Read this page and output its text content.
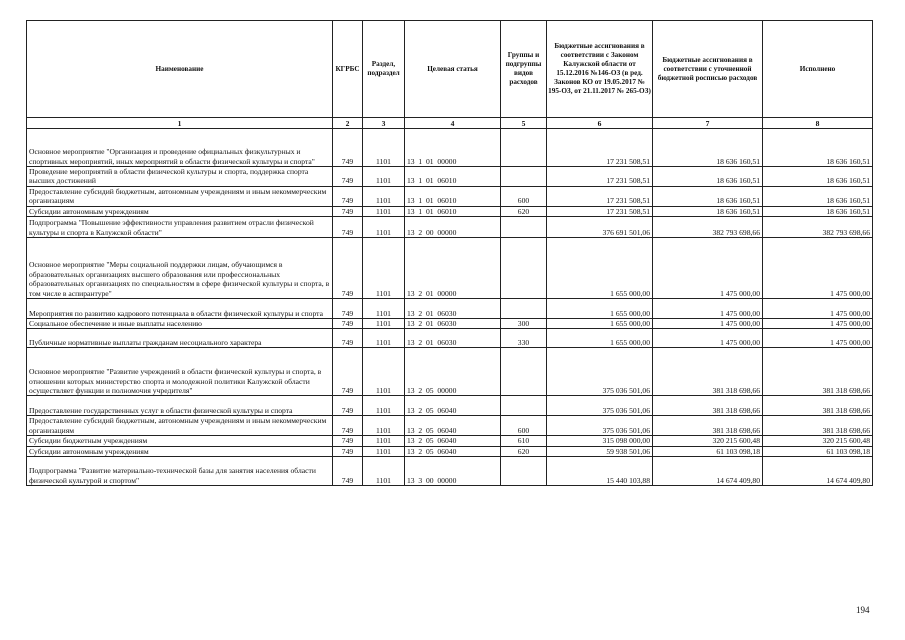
Наименование	КГРБС	Раздел, подраздел	Целевая статья	Группы и подгруппы видов расходов	Бюджетные ассигнования в соответствии с Законом Калужской области от 15.12.2016 №146-ОЗ (в ред. Законов КО от 19.05.2017 № 195-ОЗ, от 21.11.2017 № 265-ОЗ)	Бюджетные ассигнования в соответствии с уточненной бюджетной росписью расходов	Исполнено
1	2	3	4	5	6	7	8
Основное мероприятие "Организация и проведение официальных физкультурных и спортивных мероприятий, иных мероприятий в области физической культуры и спорта"	749	1101	13  1  01  00000		17 231 508,51	18 636 160,51	18 636 160,51
Проведение мероприятий в области физической культуры и спорта, поддержка спорта высших достижений	749	1101	13  1  01  06010		17 231 508,51	18 636 160,51	18 636 160,51
Предоставление субсидий бюджетным, автономным учреждениям и иным некоммерческим организациям	749	1101	13  1  01  06010	600	17 231 508,51	18 636 160,51	18 636 160,51
Субсидии автономным учреждениям	749	1101	13  1  01  06010	620	17 231 508,51	18 636 160,51	18 636 160,51
Подпрограмма "Повышение эффективности управления развитием отрасли физической культуры и спорта в Калужской области"	749	1101	13  2  00  00000		376 691 501,06	382 793 698,66	382 793 698,66
Основное мероприятие "Меры социальной поддержки лицам, обучающимся в образовательных организациях высшего образования или профессиональных образовательных организациях по специальностям в сфере физической культуры и спорта, в том числе в аспирантуре"	749	1101	13  2  01  00000		1 655 000,00	1 475 000,00	1 475 000,00
Мероприятия по развитию кадрового потенциала в области физической культуры и спорта	749	1101	13  2  01  06030		1 655 000,00	1 475 000,00	1 475 000,00
Социальное обеспечение и иные выплаты населению	749	1101	13  2  01  06030	300	1 655 000,00	1 475 000,00	1 475 000,00
Публичные нормативные выплаты гражданам несоциального характера	749	1101	13  2  01  06030	330	1 655 000,00	1 475 000,00	1 475 000,00
Основное мероприятие "Развитие учреждений в области физической культуры и спорта, в отношении которых министерство спорта и молодежной политики Калужской области осуществляет функции и полномочия учредителя"	749	1101	13  2  05  00000		375 036 501,06	381 318 698,66	381 318 698,66
Предоставление государственных услуг в области физической культуры и спорта	749	1101	13  2  05  06040		375 036 501,06	381 318 698,66	381 318 698,66
Предоставление субсидий бюджетным, автономным учреждениям и иным некоммерческим организациям	749	1101	13  2  05  06040	600	375 036 501,06	381 318 698,66	381 318 698,66
Субсидии бюджетным учреждениям	749	1101	13  2  05  06040	610	315 098 000,00	320 215 600,48	320 215 600,48
Субсидии автономным учреждениям	749	1101	13  2  05  06040	620	59 938 501,06	61 103 098,18	61 103 098,18
Подпрограмма "Развитие материально-технической базы для занятия населения области физической культурой и спортом"	749	1101	13  3  00  00000		15 440 103,88	14 674 409,80	14 674 409,80
194
